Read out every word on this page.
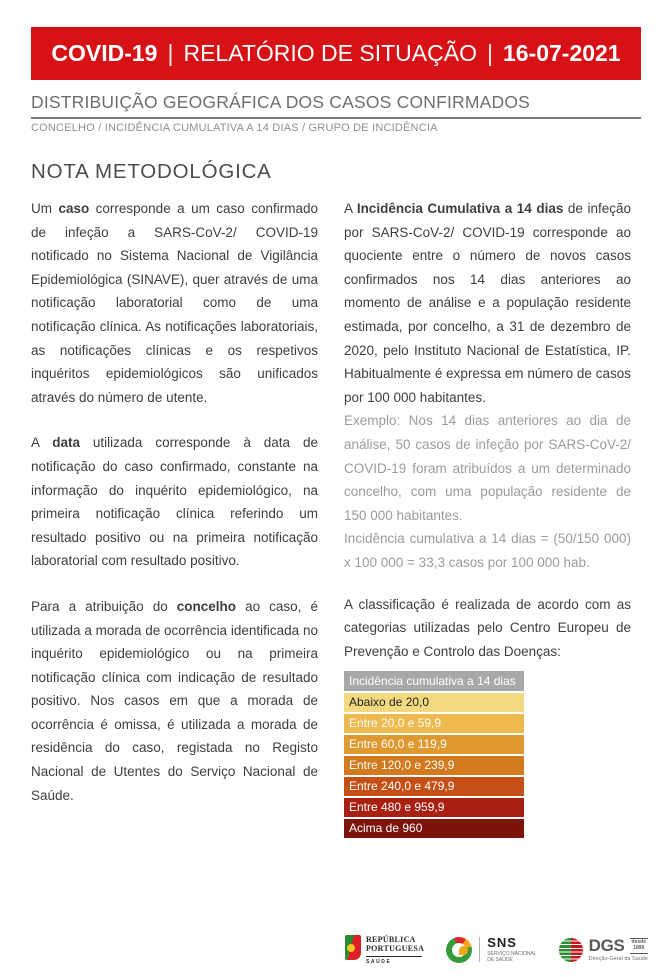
COVID-19 | RELATÓRIO DE SITUAÇÃO | 16-07-2021
DISTRIBUIÇÃO GEOGRÁFICA DOS CASOS CONFIRMADOS
CONCELHO / INCIDÊNCIA CUMULATIVA A 14 DIAS / GRUPO DE INCIDÊNCIA
NOTA METODOLÓGICA

Um caso corresponde a um caso confirmado de infeção a SARS-CoV-2/ COVID-19 notificado no Sistema Nacional de Vigilância Epidemiológica (SINAVE), quer através de uma notificação laboratorial como de uma notificação clínica. As notificações laboratoriais, as notificações clínicas e os respetivos inquéritos epidemiológicos são unificados através do número de utente.

A data utilizada corresponde à data de notificação do caso confirmado, constante na informação do inquérito epidemiológico, na primeira notificação clínica referindo um resultado positivo ou na primeira notificação laboratorial com resultado positivo.

Para a atribuição do concelho ao caso, é utilizada a morada de ocorrência identificada no inquérito epidemiológico ou na primeira notificação clínica com indicação de resultado positivo. Nos casos em que a morada de ocorrência é omissa, é utilizada a morada de residência do caso, registada no Registo Nacional de Utentes do Serviço Nacional de Saúde.

A Incidência Cumulativa a 14 dias de infeção por SARS-CoV-2/ COVID-19 corresponde ao quociente entre o número de novos casos confirmados nos 14 dias anteriores ao momento de análise e a população residente estimada, por concelho, a 31 de dezembro de 2020, pelo Instituto Nacional de Estatística, IP. Habitualmente é expressa em número de casos por 100 000 habitantes.

Exemplo: Nos 14 dias anteriores ao dia de análise, 50 casos de infeção por SARS-CoV-2/ COVID-19 foram atribuídos a um determinado concelho, com uma população residente de 150 000 habitantes.

Incidência cumulativa a 14 dias = (50/150 000) x 100 000 = 33,3 casos por 100 000 hab.

A classificação é realizada de acordo com as categorias utilizadas pelo Centro Europeu de Prevenção e Controlo das Doenças:

Incidência cumulativa a 14 dias
Abaixo de 20,0
Entre 20,0 e 59,9
Entre 60,0 e 119,9
Entre 120,0 e 239,9
Entre 240,0 e 479,9
Entre 480 e 959,9
Acima de 960
REPÚBLICA
PORTUGUESA
SAÚDE
SNS
SERVIÇO NACIONAL
DE SAÚDE
DGS	desde
1899
Direção-Geral da Saúde
